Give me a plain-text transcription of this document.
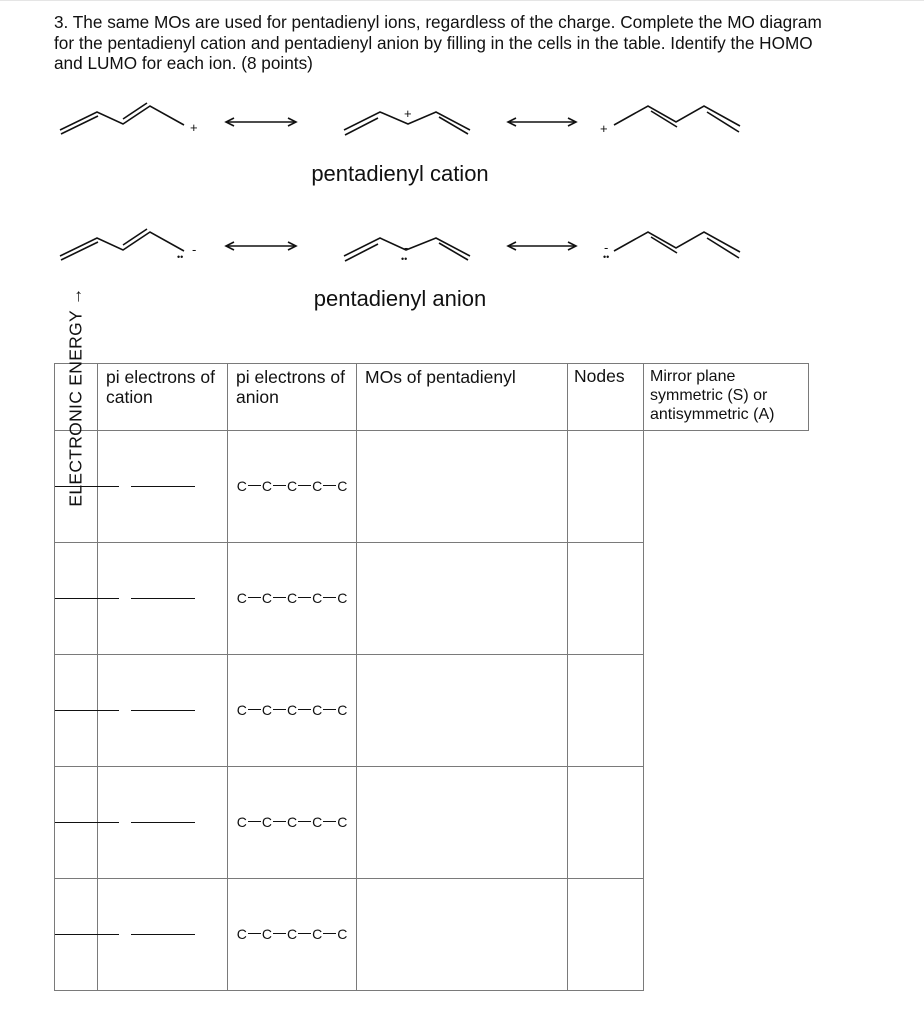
3. The same MOs are used for pentadienyl ions, regardless of the charge. Complete the MO diagram for the pentadienyl cation and pentadienyl anion by filling in the cells in the table. Identify the HOMO and LUMO for each ion. (8 points)

+
+
+
pentadienyl cation
•• -
••
-
••
-
pentadienyl anion
ELECTRONIC ENERGY →	pi electrons of cation	pi electrons of anion	MOs of pentadienyl	Nodes	Mirror plane symmetric (S) or antisymmetric (A)

		C C C C C			

		C C C C C			

		C C C C C			

		C C C C C			

		C C C C C			
